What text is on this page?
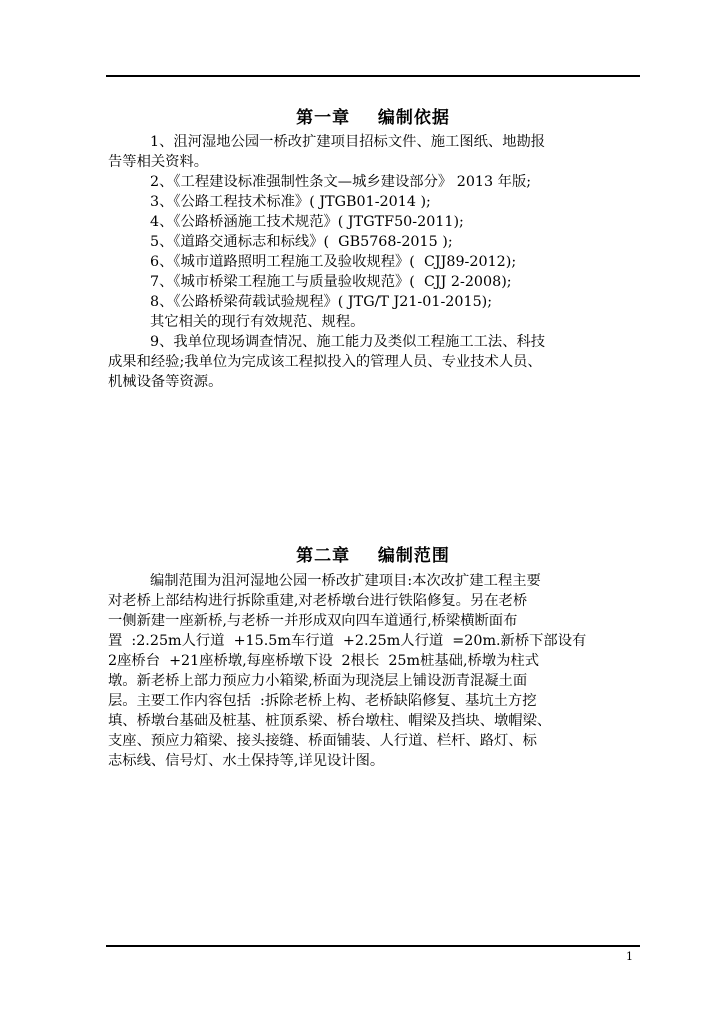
第一章    编制依据
1、沮河湿地公园一桥改扩建项目招标文件、施工图纸、地勘报
告等相关资料。
2、《工程建设标准强制性条文—城乡建设部分》 2013 年版;
3、《公路工程技术标准》( JTGB01-2014 );
4、《公路桥涵施工技术规范》( JTGTF50-2011);
5、《道路交通标志和标线》(  GB5768-2015 );
6、《城市道路照明工程施工及验收规程》(  CJJ89-2012);
7、《城市桥梁工程施工与质量验收规范》(  CJJ 2-2008);
8、《公路桥梁荷载试验规程》( JTG/T J21-01-2015);
其它相关的现行有效规范、规程。
9、我单位现场调查情况、施工能力及类似工程施工工法、科技
成果和经验;我单位为完成该工程拟投入的管理人员、专业技术人员、
机械设备等资源。
第二章    编制范围
编制范围为沮河湿地公园一桥改扩建项目:本次改扩建工程主要
对老桥上部结构进行拆除重建,对老桥墩台进行铁陷修复。另在老桥
一侧新建一座新桥,与老桥一并形成双向四车道通行,桥梁横断面布
置  :2.25m人行道  +15.5m车行道  +2.25m人行道  =20m.新桥下部设有
2座桥台  +21座桥墩,每座桥墩下设  2根长  25m桩基础,桥墩为柱式
墩。新老桥上部力预应力小箱梁,桥面为现浇层上铺设沥青混凝土面
层。主要工作内容包括  :拆除老桥上构、老桥缺陷修复、基坑土方挖
填、桥墩台基础及桩基、桩顶系梁、桥台墩柱、帽梁及挡块、墩帽梁、
支座、预应力箱梁、接头接缝、桥面铺装、人行道、栏杆、路灯、标
志标线、信号灯、水土保持等,详见设计图。
1
